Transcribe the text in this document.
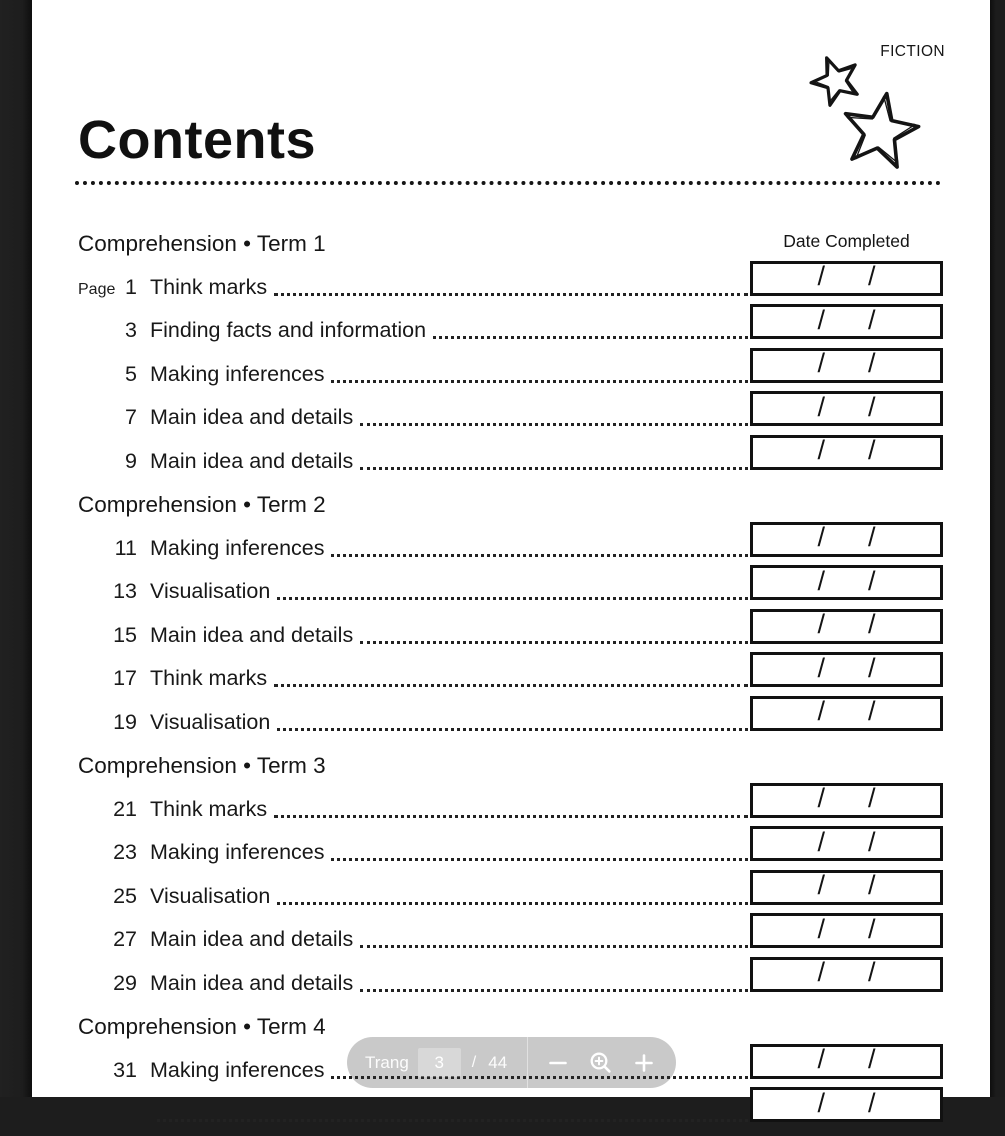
FICTION
Contents
Comprehension • Term 1	Date Completed
Page 1 Think marks	/ /
3 Finding facts and information	/ /
5 Making inferences	/ /
7 Main idea and details	/ /
9 Main idea and details	/ /
Comprehension • Term 2
11 Making inferences	/ /
13 Visualisation	/ /
15 Main idea and details	/ /
17 Think marks	/ /
19 Visualisation	/ /
Comprehension • Term 3
21 Think marks	/ /
23 Making inferences	/ /
25 Visualisation	/ /
27 Main idea and details	/ /
29 Main idea and details	/ /
Comprehension • Term 4
31 Making inferences	/ /
/ /
Trang
3	/ 44
